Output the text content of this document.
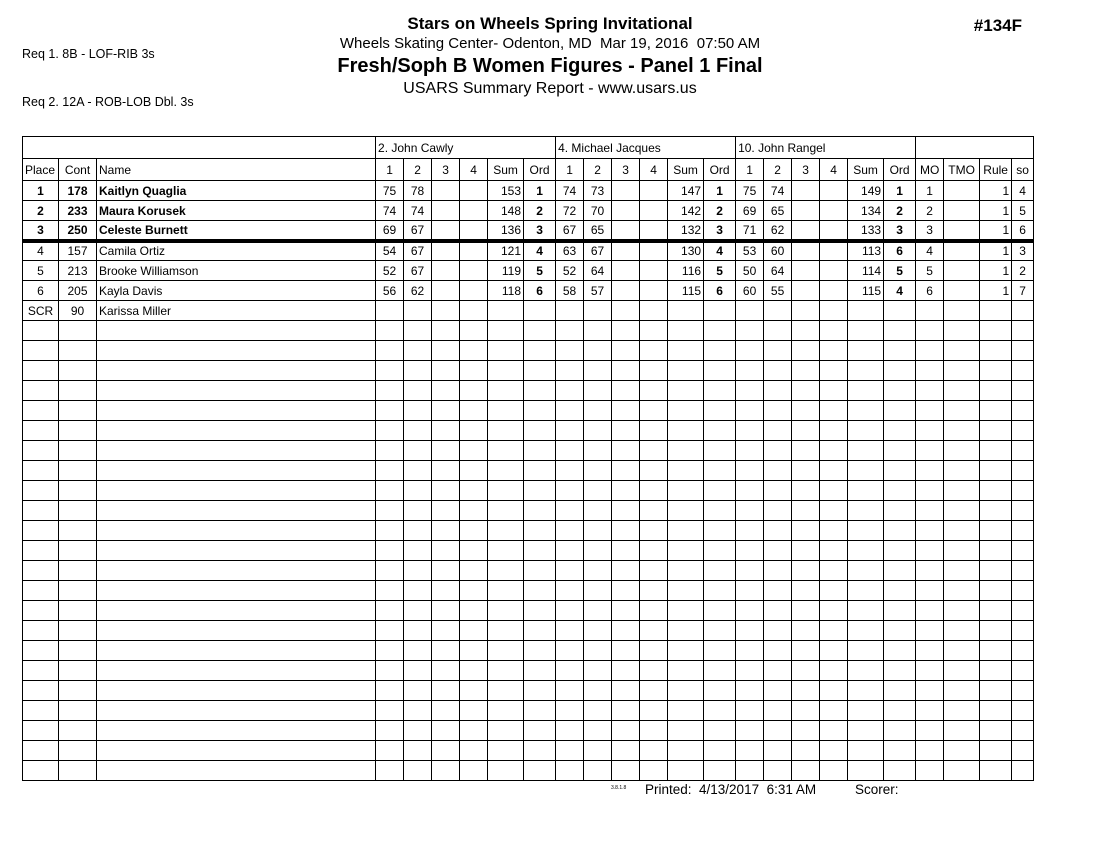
Req 1. 8B - LOF-RIB 3s

Req 2. 12A - ROB-LOB Dbl. 3s

Stars on Wheels Spring Invitational
Wheels Skating Center- Odenton, MD  Mar 19, 2016  07:50 AM
Fresh/Soph B Women Figures - Panel 1 Final
USARS Summary Report - www.usars.us
#134F
			2. John Cawly						4. Michael Jacques						10. John Rangel									
Place	Cont	Name	1	2	3	4	Sum	Ord	1	2	3	4	Sum	Ord	1	2	3	4	Sum	Ord	MO	TMO	Rule	so
1	178	Kaitlyn Quaglia	75	78			153	1	74	73			147	1	75	74			149	1	1		1	4
2	233	Maura Korusek	74	74			148	2	72	70			142	2	69	65			134	2	2		1	5
3	250	Celeste Burnett	69	67			136	3	67	65			132	3	71	62			133	3	3		1	6
4	157	Camila Ortiz	54	67			121	4	63	67			130	4	53	60			113	6	4		1	3
5	213	Brooke Williamson	52	67			119	5	52	64			116	5	50	64			114	5	5		1	2
6	205	Kayla Davis	56	62			118	6	58	57			115	6	60	55			115	4	6		1	7
SCR	90	Karissa Miller																						

3.8.1.8 Printed:  4/13/2017  6:31 AM	Scorer:
